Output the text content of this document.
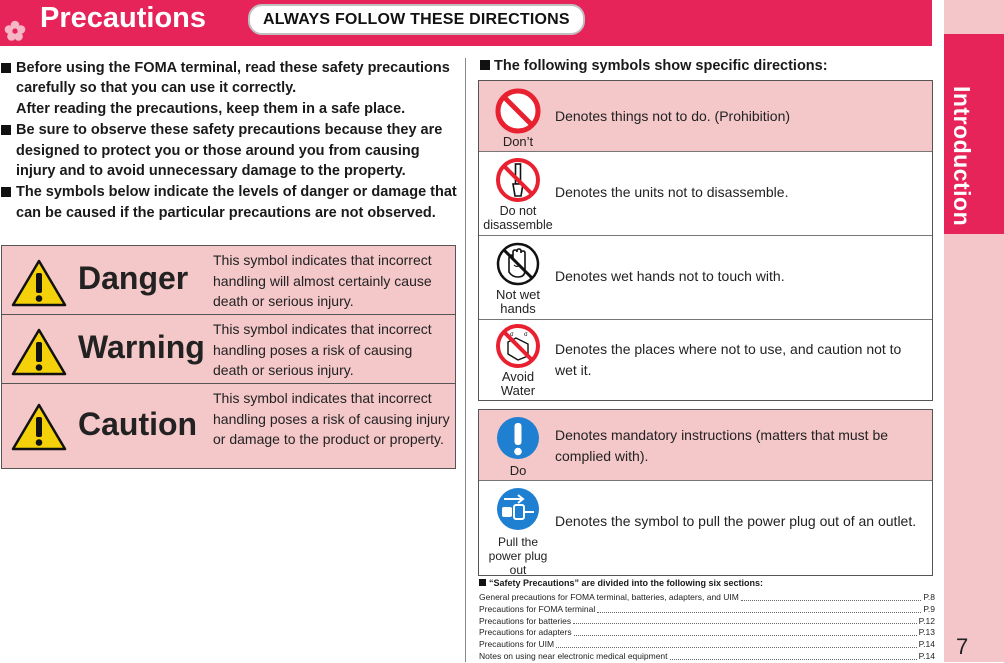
Precautions	ALWAYS FOLLOW THESE DIRECTIONS
Introduction
7
Before using the FOMA terminal, read these safety precautions carefully so that you can use it correctly.
After reading the precautions, keep them in a safe place.
Be sure to observe these safety precautions because they are designed to protect you or those around you from causing injury and to avoid unnecessary damage to the property.
The symbols below indicate the levels of danger or damage that can be caused if the particular precautions are not observed.
Danger This symbol indicates that incorrect handling will almost certainly cause death or serious injury.
Warning This symbol indicates that incorrect handling poses a risk of causing death or serious injury.
Caution
This symbol indicates that incorrect handling poses a risk of causing injury or damage to the product or property.
The following symbols show specific directions:
Don’t
Denotes things not to do. (Prohibition)
Do not disassemble
Denotes the units not to disassemble.
Not wet hands
Denotes wet hands not to touch with.
σ σ
Avoid Water
Denotes the places where not to use, and caution not to wet it.
Do
Denotes mandatory instructions (matters that must be complied with).
Pull the power plug out
Denotes the symbol to pull the power plug out of an outlet.
“Safety Precautions” are divided into the following six sections:
General precautions for FOMA terminal, batteries, adapters, and UIM	P.8
Precautions for FOMA terminal	P.9
Precautions for batteries	P.12
Precautions for adapters	P.13
Precautions for UIM	P.14
Notes on using near electronic medical equipment	P.14
